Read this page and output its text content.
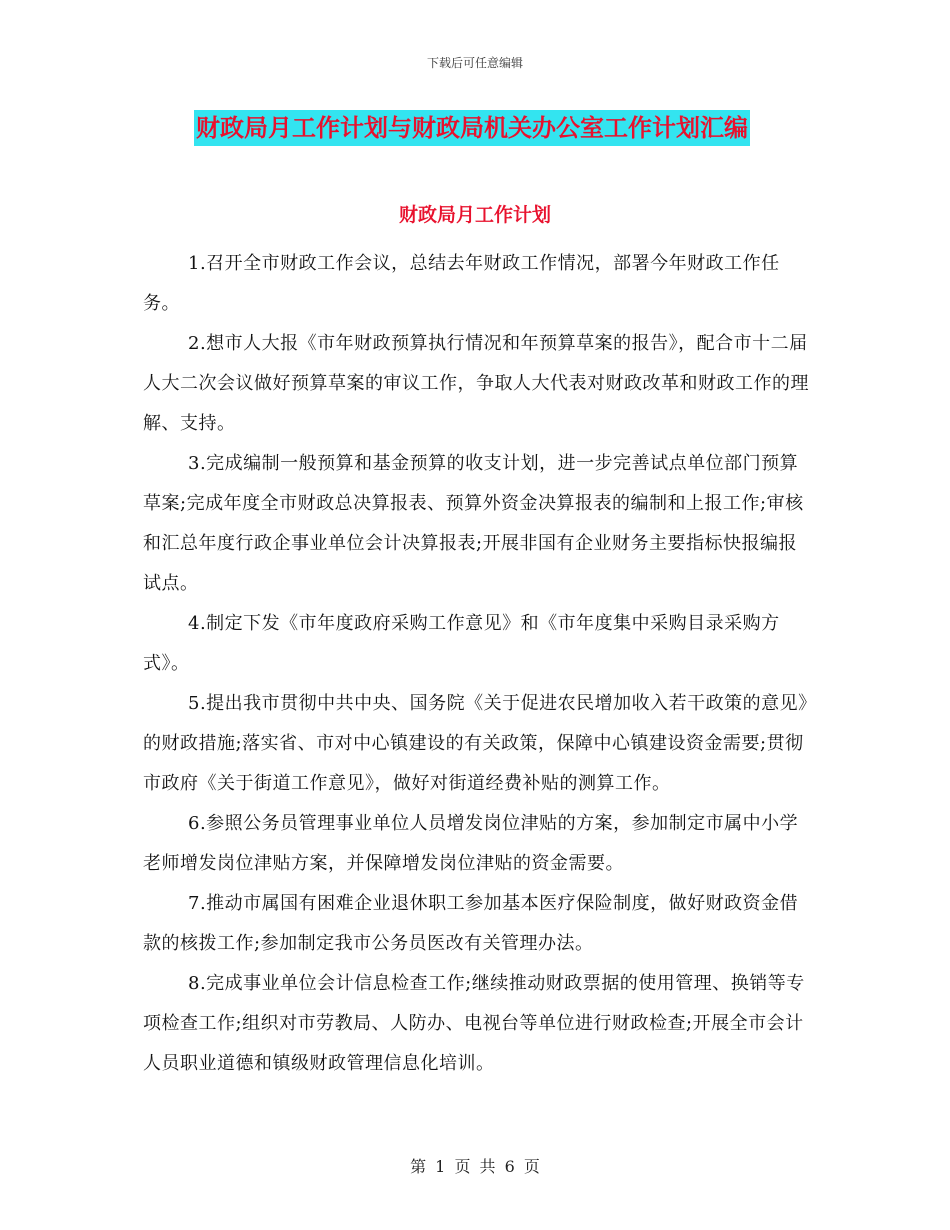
下载后可任意编辑
财政局月工作计划与财政局机关办公室工作计划汇编
财政局月工作计划

1.召开全市财政工作会议，总结去年财政工作情况，部署今年财政工作任务。

2.想市人大报《市年财政预算执行情况和年预算草案的报告》，配合市十二届人大二次会议做好预算草案的审议工作，争取人大代表对财政改革和财政工作的理解、支持。

3.完成编制一般预算和基金预算的收支计划，进一步完善试点单位部门预算草案;完成年度全市财政总决算报表、预算外资金决算报表的编制和上报工作;审核和汇总年度行政企事业单位会计决算报表;开展非国有企业财务主要指标快报编报试点。

4.制定下发《市年度政府采购工作意见》和《市年度集中采购目录采购方式》。

5.提出我市贯彻中共中央、国务院《关于促进农民增加收入若干政策的意见》的财政措施;落实省、市对中心镇建设的有关政策，保障中心镇建设资金需要;贯彻市政府《关于街道工作意见》，做好对街道经费补贴的测算工作。

6.参照公务员管理事业单位人员增发岗位津贴的方案，参加制定市属中小学老师增发岗位津贴方案，并保障增发岗位津贴的资金需要。

7.推动市属国有困难企业退休职工参加基本医疗保险制度，做好财政资金借款的核拨工作;参加制定我市公务员医改有关管理办法。

8.完成事业单位会计信息检查工作;继续推动财政票据的使用管理、换销等专项检查工作;组织对市劳教局、人防办、电视台等单位进行财政检查;开展全市会计人员职业道德和镇级财政管理信息化培训。

第 1 页 共 6 页
